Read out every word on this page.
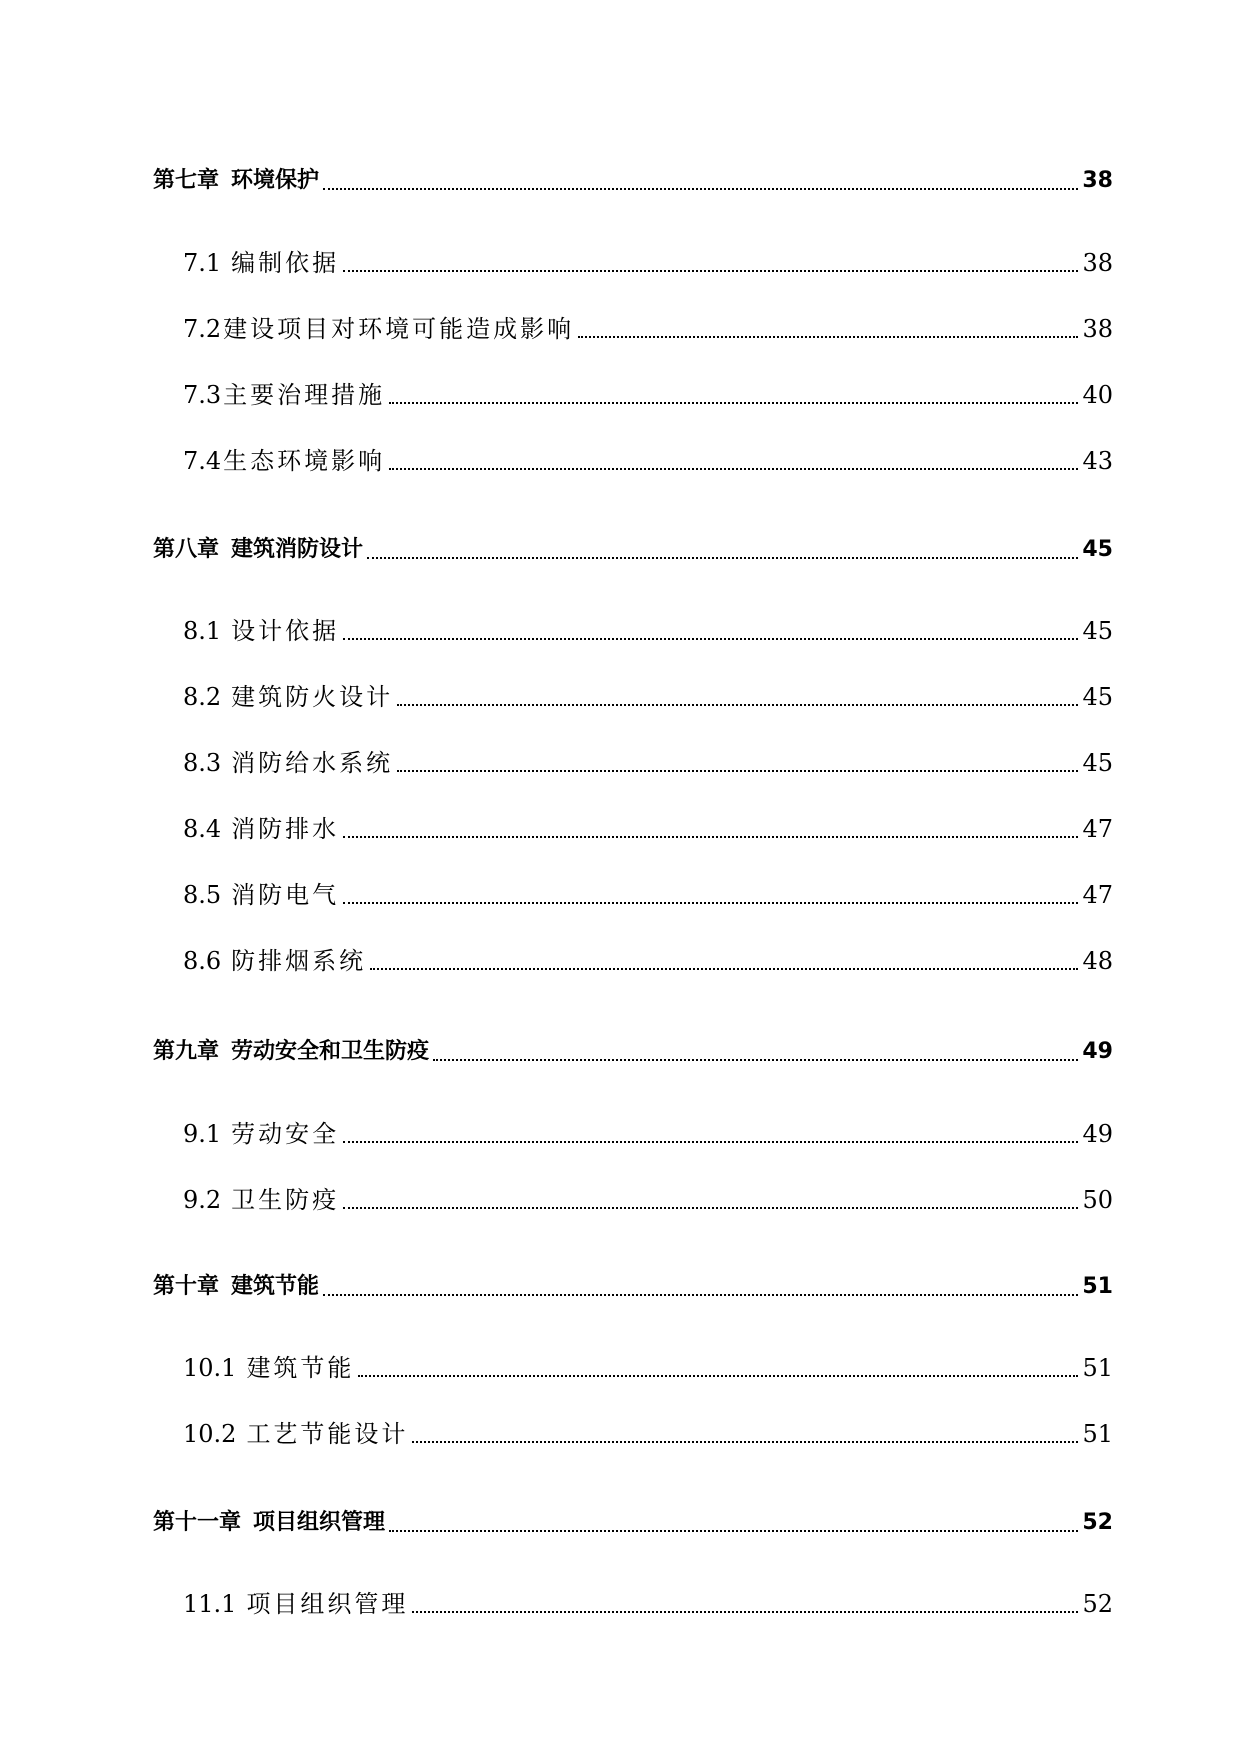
第七章 环境保护	38
7.1 编制依据	38
7.2 建设项目对环境可能造成影响	38
7.3 主要治理措施	40
7.4 生态环境影响	43
第八章 建筑消防设计	45
8.1 设计依据	45
8.2 建筑防火设计	45
8.3 消防给水系统	45
8.4 消防排水	47
8.5 消防电气	47
8.6 防排烟系统	48
第九章 劳动安全和卫生防疫	49
9.1 劳动安全	49
9.2 卫生防疫	50
第十章 建筑节能	51
10.1 建筑节能	51
10.2 工艺节能设计	51
第十一章 项目组织管理	52
11.1 项目组织管理	52
